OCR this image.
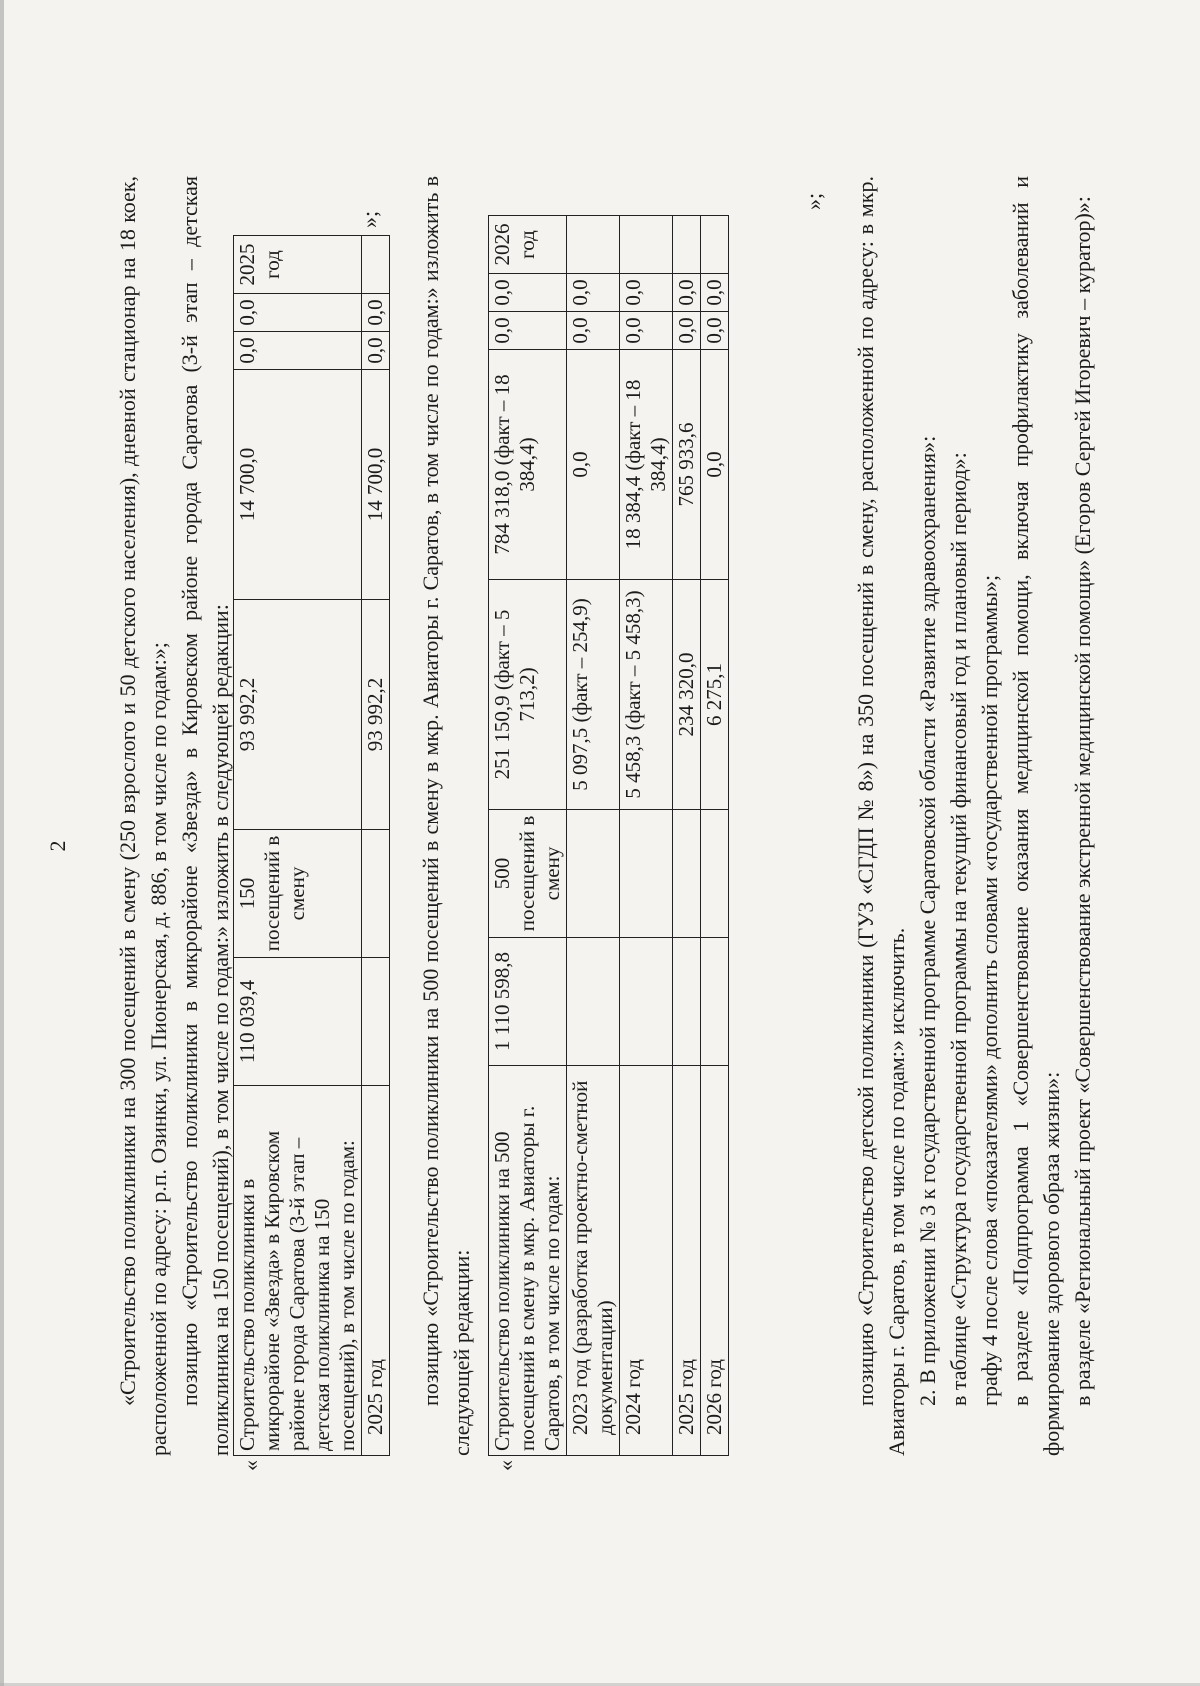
2 «Строительство поликлиники на 300 посещений в смену (250 взрослого и 50 детского населения), дневной стационар на 18 коек, расположенной по адресу: р.п. Озинки, ул. Пионерская, д. 886, в том числе по годам:»; позицию «Строительство поликлиники в микрорайоне «Звезда» в Кировском районе города Саратова (3-й этап – детская поликлиника на 150 посещений), в том числе по годам:» изложить в следующей редакции:

«
Строительство поликлиники в микрорайоне «Звезда» в Кировском районе города Саратова (3-й этап – детская поликлиника на 150 посещений), в том числе по годам:	110 039,4	150 посещений в смену	93 992,2	14 700,0	0,0	0,0	2025 год
2025 год			93 992,2	14 700,0	0,0	0,0	
»; позицию «Строительство поликлиники на 500 посещений в смену в мкр. Авиаторы г. Саратов, в том числе по годам:» изложить в следующей редакции:

«
Строительство поликлиники на 500 посещений в смену в мкр. Авиаторы г. Саратов, в том числе по годам:	1 110 598,8	500 посещений в смену	251 150,9 (факт – 5 713,2)	784 318,0 (факт – 18 384,4)	0,0	0,0	2026 год
2023 год (разработка проектно-сметной документации)			5 097,5 (факт – 254,9)	0,0	0,0	0,0	
2024 год			5 458,3 (факт – 5 458,3)	18 384,4 (факт – 18 384,4)	0,0	0,0	
2025 год			234 320,0	765 933,6	0,0	0,0	
2026 год			6 275,1	0,0	0,0	0,0	
»; позицию «Строительство детской поликлиники (ГУЗ «СГДП № 8») на 350 посещений в смену, расположенной по адресу: в мкр. Авиаторы г. Саратов, в том числе по годам:» исключить. 2. В приложении № 3 к государственной программе Саратовской области «Развитие здравоохранения»: в таблице «Структура государственной программы на текущий финансовый год и плановый период»: графу 4 после слова «показателями» дополнить словами «государственной программы»; в разделе «Подпрограмма 1 «Совершенствование оказания медицинской помощи, включая профилактику заболеваний и формирование здорового образа жизни»: в разделе «Региональный проект «Совершенствование экстренной медицинской помощи» (Егоров Сергей Игоревич – куратор)»:
